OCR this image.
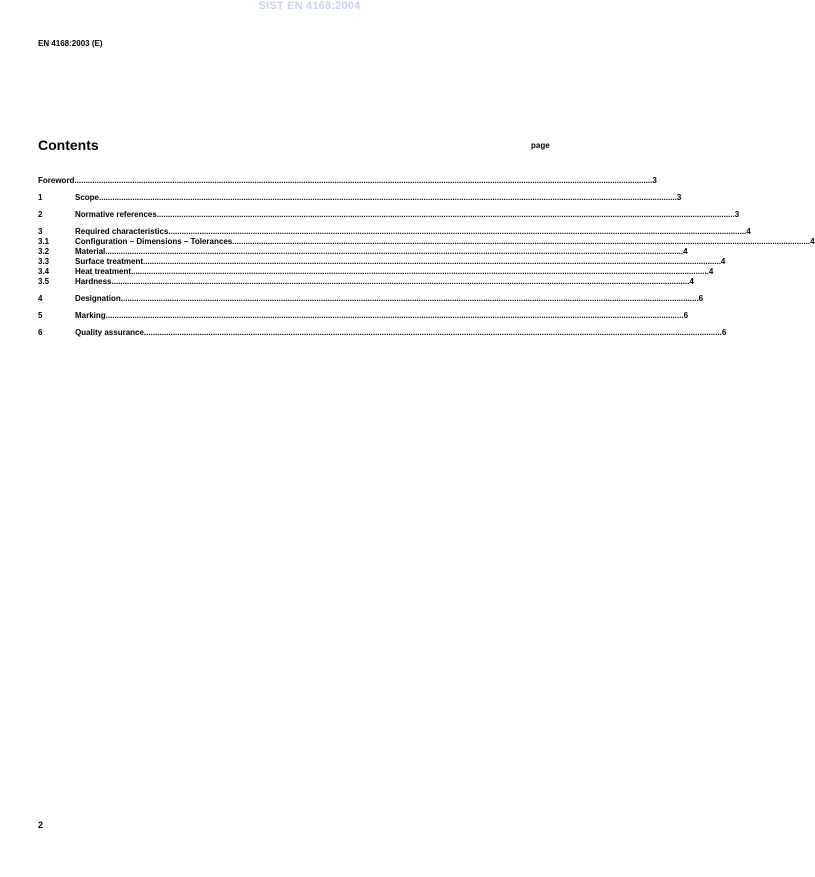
SIST EN 4168:2004
EN 4168:2003 (E)
Contents	page
Foreword .................................................................................................................................................................................................................................................................... 3
1	Scope .................................................................................................................................................................................................................................................................... 3
2	Normative references .................................................................................................................................................................................................................................................................... 3
3	Required characteristics .................................................................................................................................................................................................................................................................... 4
3.1	Configuration – Dimensions – Tolerances .................................................................................................................................................................................................................................................................... 4
3.2	Material .................................................................................................................................................................................................................................................................... 4
3.3	Surface treatment .................................................................................................................................................................................................................................................................... 4
3.4	Heat treatment .................................................................................................................................................................................................................................................................... 4
3.5	Hardness .................................................................................................................................................................................................................................................................... 4
4	Designation .................................................................................................................................................................................................................................................................... 6
5	Marking .................................................................................................................................................................................................................................................................... 6
6	Quality assurance .................................................................................................................................................................................................................................................................... 6
2
